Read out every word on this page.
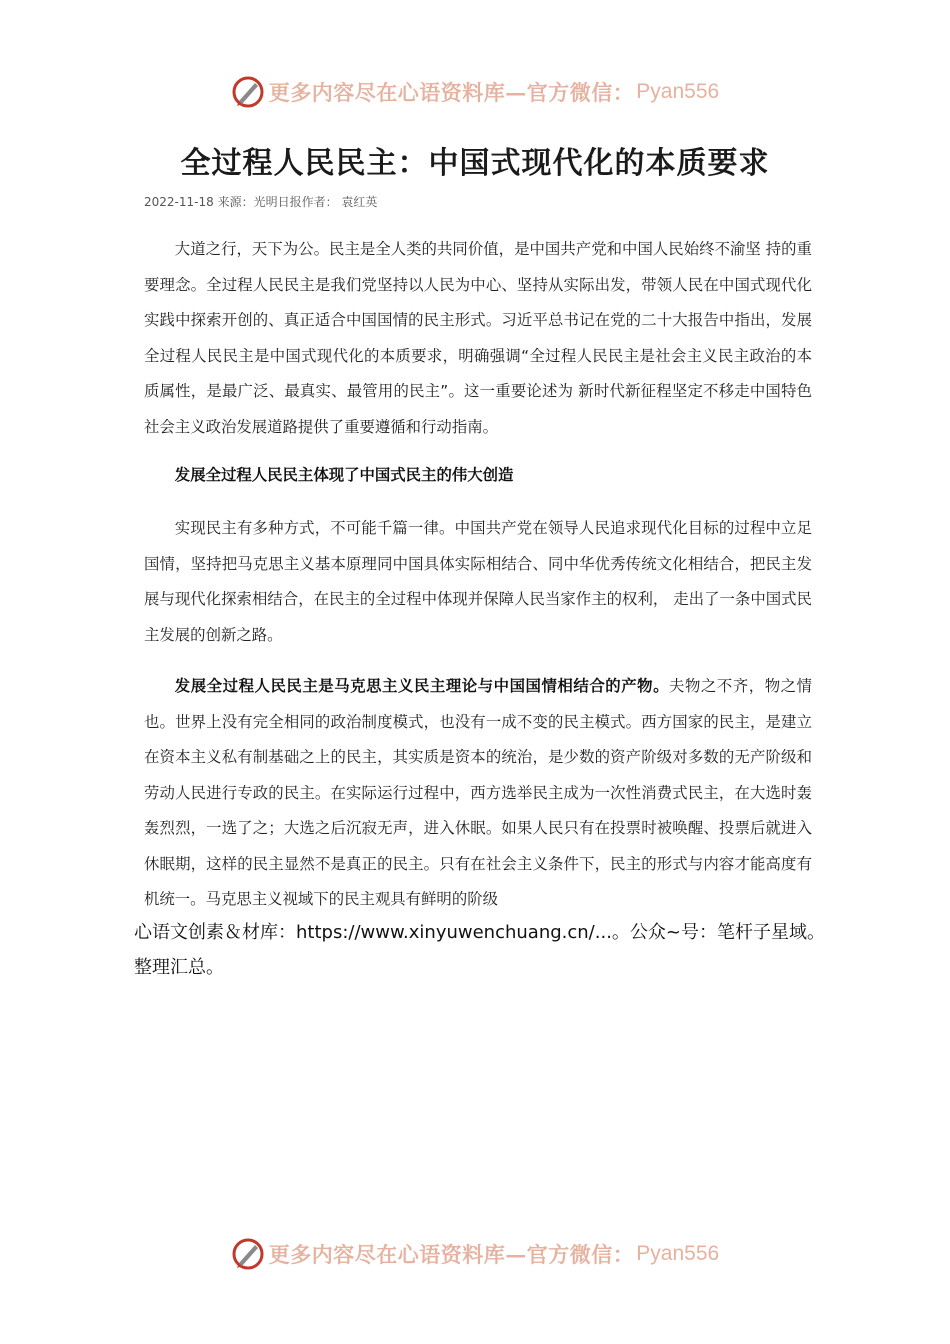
更多内容尽在心语资料库—官方微信： Pyan556
全过程人民民主：中国式现代化的本质要求
2022-11-18 来源：光明日报作者： 袁红英

大道之行，天下为公。民主是全人类的共同价值，是中国共产党和中国人民始终不渝坚 持的重要理念。全过程人民民主是我们党坚持以人民为中心、坚持从实际出发，带领人民在中国式现代化实践中探索开创的、真正适合中国国情的民主形式。习近平总书记在党的二十大报告中指出，发展全过程人民民主是中国式现代化的本质要求，明确强调“全过程人民民主是社会主义民主政治的本质属性，是最广泛、最真实、最管用的民主”。这一重要论述为 新时代新征程坚定不移走中国特色社会主义政治发展道路提供了重要遵循和行动指南。

发展全过程人民民主体现了中国式民主的伟大创造

实现民主有多种方式，不可能千篇一律。中国共产党在领导人民追求现代化目标的过程中立足国情，坚持把马克思主义基本原理同中国具体实际相结合、同中华优秀传统文化相结合，把民主发展与现代化探索相结合，在民主的全过程中体现并保障人民当家作主的权利， 走出了一条中国式民主发展的创新之路。

发展全过程人民民主是马克思主义民主理论与中国国情相结合的产物。夫物之不齐，物之情也。世界上没有完全相同的政治制度模式，也没有一成不变的民主模式。西方国家的民主，是建立在资本主义私有制基础之上的民主，其实质是资本的统治，是少数的资产阶级对多数的无产阶级和劳动人民进行专政的民主。在实际运行过程中，西方选举民主成为一次性消费式民主，在大选时轰轰烈烈，一选了之；大选之后沉寂无声，进入休眠。如果人民只有在投票时被唤醒、投票后就进入休眠期，这样的民主显然不是真正的民主。只有在社会主义条件下，民主的形式与内容才能高度有机统一。马克思主义视域下的民主观具有鲜明的阶级

心语文创素＆材库：https://www.xinyuwenchuang.cn/...。公众~号：笔杆子星域。整理汇总。

更多内容尽在心语资料库—官方微信： Pyan556
